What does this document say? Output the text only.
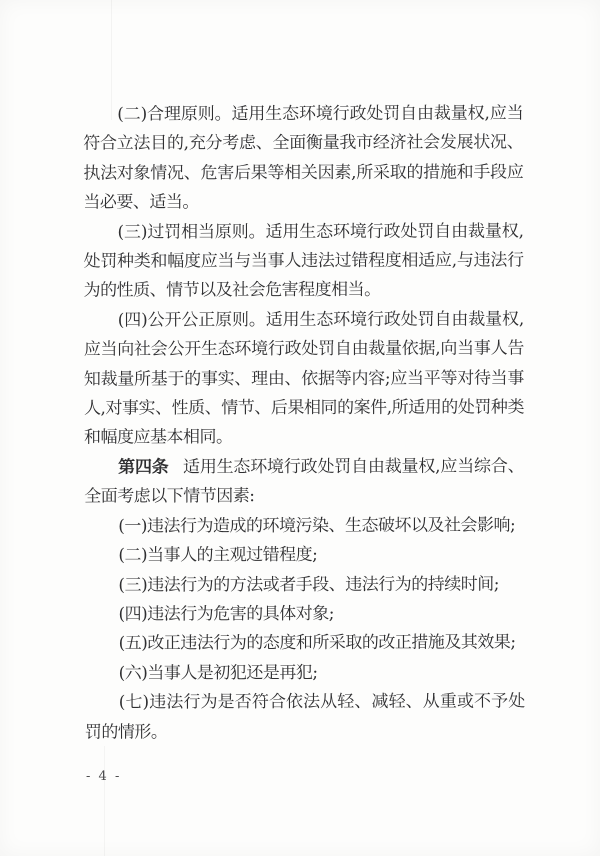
(二)合理原则。适用生态环境行政处罚自由裁量权,应当符合立法目的,充分考虑、全面衡量我市经济社会发展状况、执法对象情况、危害后果等相关因素,所采取的措施和手段应当必要、适当。

(三)过罚相当原则。适用生态环境行政处罚自由裁量权,处罚种类和幅度应当与当事人违法过错程度相适应,与违法行为的性质、情节以及社会危害程度相当。

(四)公开公正原则。适用生态环境行政处罚自由裁量权,应当向社会公开生态环境行政处罚自由裁量依据,向当事人告知裁量所基于的事实、理由、依据等内容;应当平等对待当事人,对事实、性质、情节、后果相同的案件,所适用的处罚种类和幅度应基本相同。

第四条 适用生态环境行政处罚自由裁量权,应当综合、全面考虑以下情节因素:

(一)违法行为造成的环境污染、生态破坏以及社会影响;

(二)当事人的主观过错程度;

(三)违法行为的方法或者手段、违法行为的持续时间;

(四)违法行为危害的具体对象;

(五)改正违法行为的态度和所采取的改正措施及其效果;

(六)当事人是初犯还是再犯;

(七)违法行为是否符合依法从轻、减轻、从重或不予处罚的情形。

- 4 -
